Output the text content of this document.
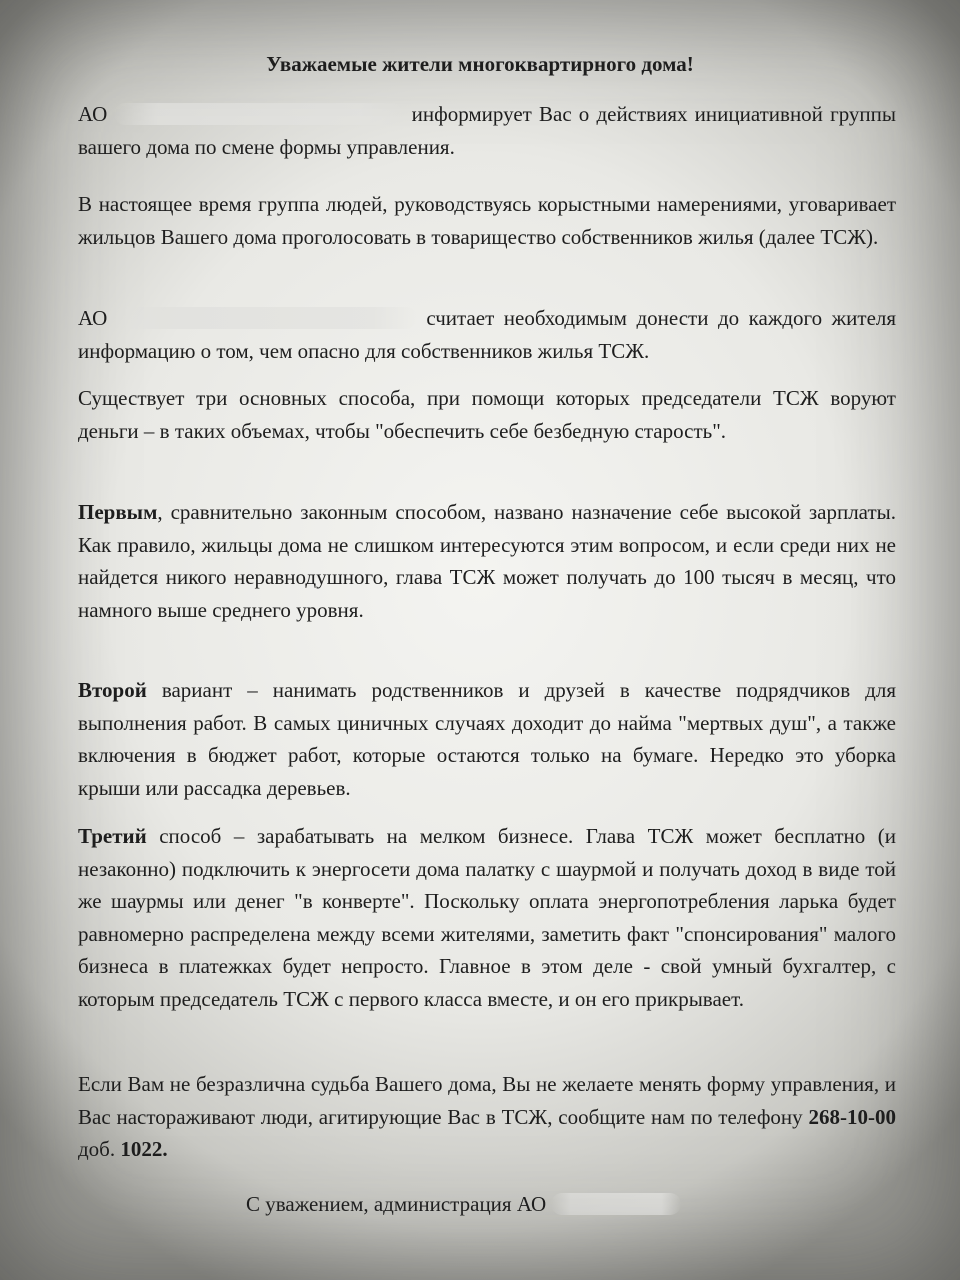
Уважаемые жители многоквартирного дома!
АО	информирует Вас о действиях инициативной группы вашего дома по смене формы управления.
В настоящее время группа людей, руководствуясь корыстными намерениями, уговаривает жильцов Вашего дома проголосовать в товарищество собственников жилья (далее ТСЖ).
АО	считает необходимым донести до каждого жителя информацию о том, чем опасно для собственников жилья ТСЖ.
Существует три основных способа, при помощи которых председатели ТСЖ воруют деньги – в таких объемах, чтобы "обеспечить себе безбедную старость".
Первым, сравнительно законным способом, названо назначение себе высокой зарплаты. Как правило, жильцы дома не слишком интересуются этим вопросом, и если среди них не найдется никого неравнодушного, глава ТСЖ может получать до 100 тысяч в месяц, что намного выше среднего уровня.
Второй вариант – нанимать родственников и друзей в качестве подрядчиков для выполнения работ. В самых циничных случаях доходит до найма "мертвых душ", а также включения в бюджет работ, которые остаются только на бумаге. Нередко это уборка крыши или рассадка деревьев.
Третий способ – зарабатывать на мелком бизнесе. Глава ТСЖ может бесплатно (и незаконно) подключить к энергосети дома палатку с шаурмой и получать доход в виде той же шаурмы или денег "в конверте". Поскольку оплата энергопотребления ларька будет равномерно распределена между всеми жителями, заметить факт "спонсирования" малого бизнеса в платежках будет непросто. Главное в этом деле - свой умный бухгалтер, с которым председатель ТСЖ с первого класса вместе, и он его прикрывает.
Если Вам не безразлична судьба Вашего дома, Вы не желаете менять форму управления, и Вас настораживают люди, агитирующие Вас в ТСЖ, сообщите нам по телефону 268-10-00 доб. 1022.
С уважением, администрация АО
